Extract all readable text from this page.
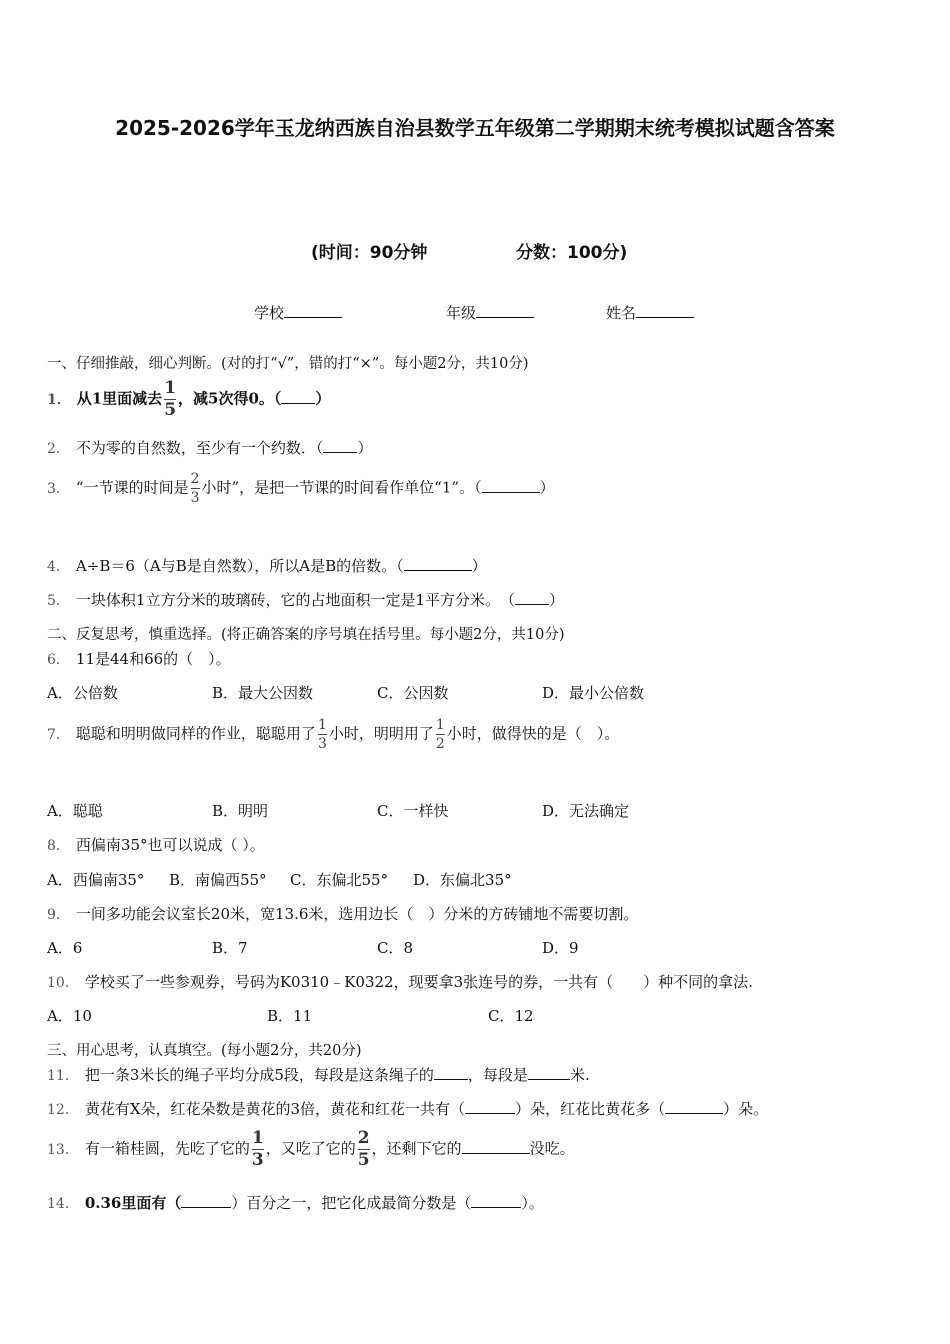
2025-2026学年玉龙纳西族自治县数学五年级第二学期期末统考模拟试题含答案
(时间：90分钟	分数：100分)
学校	年级	姓名
一、仔细推敲，细心判断。(对的打“√”，错的打“×”。每小题2分，共10分)
1． 从1里面减去 $\frac{1}{5}$ ，减5次得0。（ ）
2． 不为零的自然数，至少有一个约数．（ ）
3． “一节课的时间是 $\frac{2}{3}$ 小时”，是把一节课的时间看作单位“1”。（	）
4． A÷B＝6（A与B是自然数），所以A是B的倍数。（	）
5． 一块体积1立方分米的玻璃砖，它的占地面积一定是1平方分米。　（ ）
二、反复思考，慎重选择。(将正确答案的序号填在括号里。每小题2分，共10分)
6． 11是44和66的（　）。
A．公倍数	B．最大公因数	C．公因数	D．最小公倍数
7． 聪聪和明明做同样的作业，聪聪用了 $\frac{1}{3}$ 小时，明明用了 $\frac{1}{2}$ 小时，做得快的是（　）。
A．聪聪	B．明明	C．一样快	D．无法确定
8． 西偏南35°也可以说成（ ）。
A．西偏南35° B．南偏西55° C．东偏北55° D．东偏北35°
9． 一间多功能会议室长20米，宽13.6米，选用边长（　）分米的方砖铺地不需要切割。
A．6	B．7	C．8	D．9
10． 学校买了一些参观券，号码为K0310﹣K0322，现要拿3张连号的券，一共有（　　）种不同的拿法.
A．10	B．11	C．12
三、用心思考，认真填空。(每小题2分，共20分)
11． 把一条3米长的绳子平均分成5段，每段是这条绳子的 ，每段是	米.
12． 黄花有X朵，红花朵数是黄花的3倍，黄花和红花一共有（	）朵，红花比黄花多（	）朵。
13． 有一箱桂圆，先吃了它的 $\frac{1}{3}$ ，又吃了它的 $\frac{2}{5}$ ，还剩下它的	没吃。
14． 0.36里面有（	）百分之一，把它化成最简分数是（	）。
